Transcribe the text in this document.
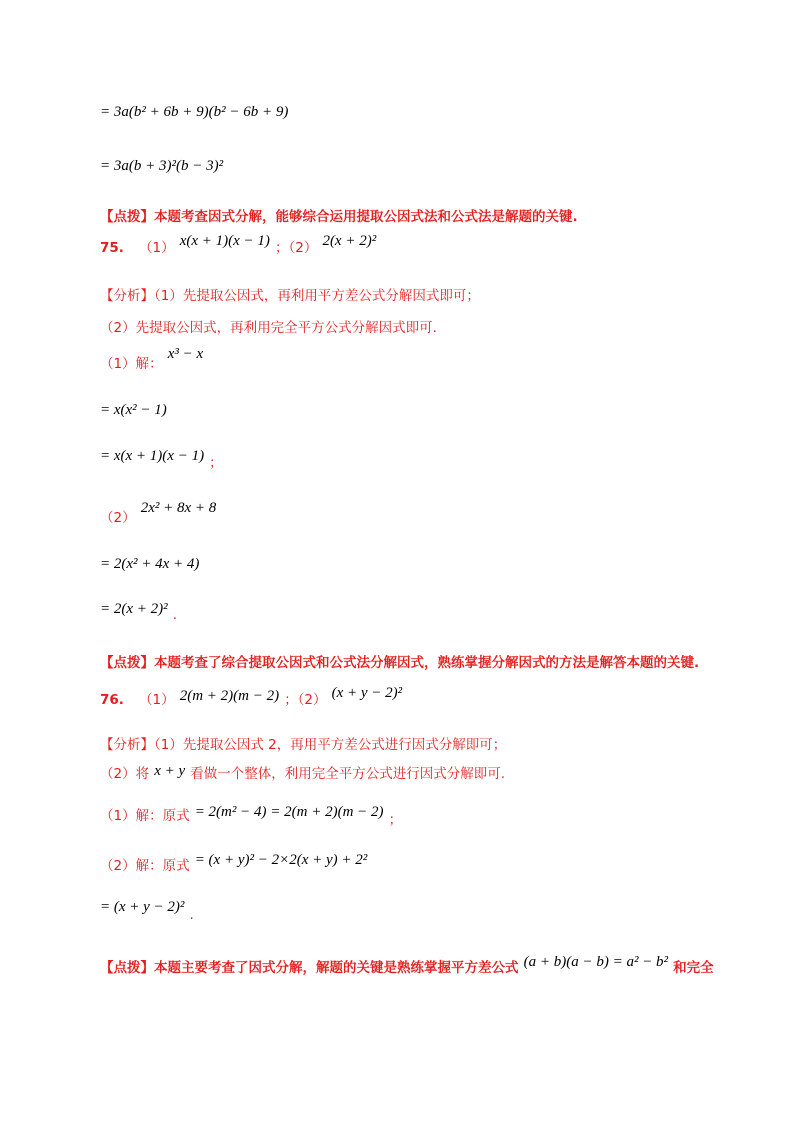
= 3a(b² + 6b + 9)(b² − 6b + 9)
= 3a(b + 3)²(b − 3)²
【点拨】本题考查因式分解，能够综合运用提取公因式法和公式法是解题的关键.
75. （1） x(x + 1)(x − 1) ；（2） 2(x + 2)²
【分析】（1）先提取公因式，再利用平方差公式分解因式即可；
（2）先提取公因式，再利用完全平方公式分解因式即可.
（1）解： x³ − x
= x(x² − 1)
= x(x + 1)(x − 1) $_;$
$_{(2)}$ 2x² + 8x + 8
= 2(x² + 4x + 4)
= 2(x + 2)² $_.$
【点拨】本题考查了综合提取公因式和公式法分解因式，熟练掌握分解因式的方法是解答本题的关键.
76. （1） 2(m + 2)(m − 2) ；（2） (x + y − 2)²
【分析】（1）先提取公因式 2，再用平方差公式进行因式分解即可；
（2）将 x + y 看做一个整体，利用完全平方公式进行因式分解即可.
$_{(1)解:原式}$ = 2(m² − 4) = 2(m + 2)(m − 2) $_;$
$_{(2)解:原式}$ = (x + y)² − 2×2(x + y) + 2²
= (x + y − 2)² $_.$
$_{【点拨】本题主要考查了因式分解,解题的关键是熟练掌握平方差公式}$ (a + b)(a − b) = a² − b² $_{和完全}$
